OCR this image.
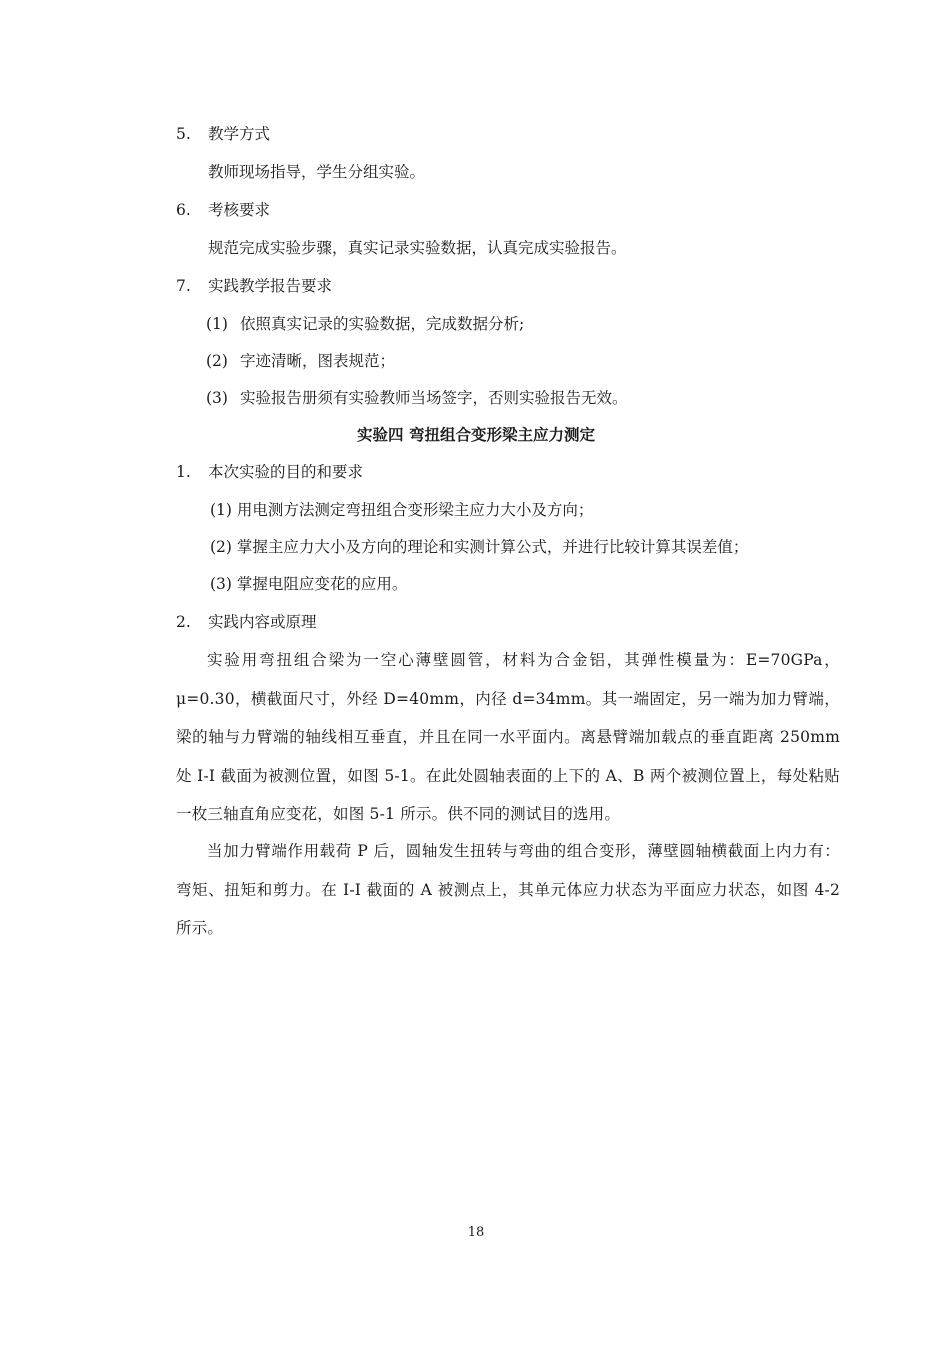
5. 教学方式
教师现场指导，学生分组实验。
6. 考核要求
规范完成实验步骤，真实记录实验数据，认真完成实验报告。
7. 实践教学报告要求
(1) 依照真实记录的实验数据，完成数据分析;
(2) 字迹清晰，图表规范；
(3) 实验报告册须有实验教师当场签字，否则实验报告无效。
实验四 弯扭组合变形梁主应力测定
1. 本次实验的目的和要求
(1) 用电测方法测定弯扭组合变形梁主应力大小及方向；
(2) 掌握主应力大小及方向的理论和实测计算公式，并进行比较计算其误差值；
(3) 掌握电阻应变花的应用。
2. 实践内容或原理
实验用弯扭组合梁为一空心薄壁圆管，材料为合金铝，其弹性模量为：E=70GPa，μ=0.30，横截面尺寸，外经 D=40mm，内径 d=34mm。其一端固定，另一端为加力臂端，梁的轴与力臂端的轴线相互垂直，并且在同一水平面内。离悬臂端加载点的垂直距离 250mm 处 I-I 截面为被测位置，如图 5-1。在此处圆轴表面的上下的 A、B 两个被测位置上，每处粘贴一枚三轴直角应变花，如图 5-1 所示。供不同的测试目的选用。
当加力臂端作用载荷 P 后，圆轴发生扭转与弯曲的组合变形，薄壁圆轴横截面上内力有：弯矩、扭矩和剪力。在 I-I 截面的 A 被测点上，其单元体应力状态为平面应力状态，如图 4-2 所示。
18
